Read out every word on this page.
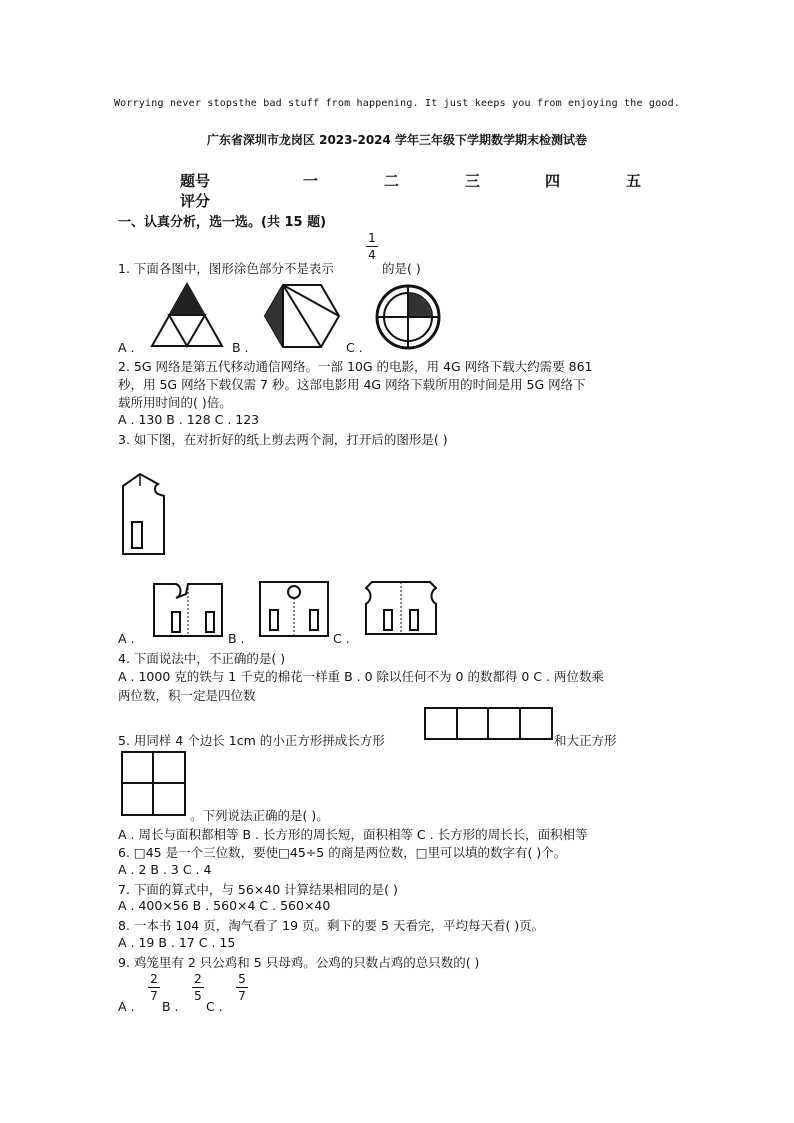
Worrying never stopsthe bad stuff from happening. It just keeps you from enjoying the good.
广东省深圳市龙岗区 2023-2024 学年三年级下学期数学期末检测试卷
题号	一	二	三	四	五
评分
一、认真分析，选一选。(共 15 题)
1. 下面各图中，图形涂色部分不是表示
1
4
的是( )
A .	B .	C .
2. 5G 网络是第五代移动通信网络。一部 10G 的电影，用 4G 网络下载大约需要 861
秒，用 5G 网络下载仅需 7 秒。这部电影用 4G 网络下载所用的时间是用 5G 网络下
载所用时间的( )倍。
A . 130 B . 128 C . 123
3. 如下图，在对折好的纸上剪去两个洞，打开后的图形是( )
A .	B .	C .
4. 下面说法中，不正确的是( )
A . 1000 克的铁与 1 千克的棉花一样重 B . 0 除以任何不为 0 的数都得 0 C . 两位数乘
两位数，积一定是四位数
5. 用同样 4 个边长 1cm 的小正方形拼成长方形	和大正方形
。下列说法正确的是( )。
A . 周长与面积都相等 B . 长方形的周长短，面积相等 C . 长方形的周长长，面积相等
6. □45 是一个三位数，要使□45÷5 的商是两位数，□里可以填的数字有( )个。
A . 2 B . 3 C . 4
7. 下面的算式中，与 56×40 计算结果相同的是( )
A . 400×56 B . 560×4 C . 560×40
8. 一本书 104 页，淘气看了 19 页。剩下的要 5 天看完，平均每天看( )页。
A . 19 B . 17 C . 15
9. 鸡笼里有 2 只公鸡和 5 只母鸡。公鸡的只数占鸡的总只数的( )
A .
2
7
B .
2
5
C .
5
7
